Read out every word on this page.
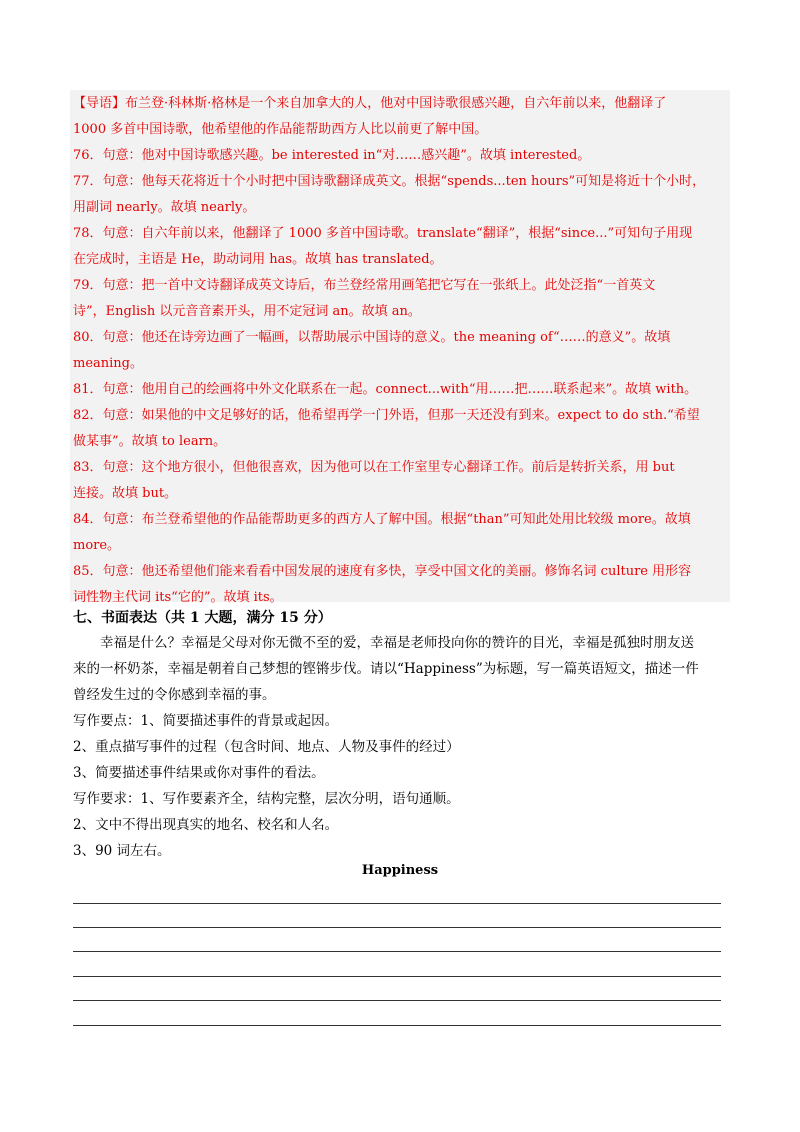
【导语】布兰登·科林斯·格林是一个来自加拿大的人，他对中国诗歌很感兴趣，自六年前以来，他翻译了
1000 多首中国诗歌，他希望他的作品能帮助西方人比以前更了解中国。
76．句意：他对中国诗歌感兴趣。be interested in“对……感兴趣”。故填 interested。
77．句意：他每天花将近十个小时把中国诗歌翻译成英文。根据“spends...ten hours”可知是将近十个小时，
用副词 nearly。故填 nearly。
78．句意：自六年前以来，他翻译了 1000 多首中国诗歌。translate“翻译”，根据“since...”可知句子用现
在完成时，主语是 He，助动词用 has。故填 has translated。
79．句意：把一首中文诗翻译成英文诗后，布兰登经常用画笔把它写在一张纸上。此处泛指“一首英文
诗”，English 以元音音素开头，用不定冠词 an。故填 an。
80．句意：他还在诗旁边画了一幅画，以帮助展示中国诗的意义。the meaning of“……的意义”。故填
meaning。
81．句意：他用自己的绘画将中外文化联系在一起。connect...with“用……把……联系起来”。故填 with。
82．句意：如果他的中文足够好的话，他希望再学一门外语，但那一天还没有到来。expect to do sth.“希望
做某事”。故填 to learn。
83．句意：这个地方很小，但他很喜欢，因为他可以在工作室里专心翻译工作。前后是转折关系，用 but
连接。故填 but。
84．句意：布兰登希望他的作品能帮助更多的西方人了解中国。根据“than”可知此处用比较级 more。故填
more。
85．句意：他还希望他们能来看看中国发展的速度有多快，享受中国文化的美丽。修饰名词 culture 用形容
词性物主代词 its“它的”。故填 its。
七、书面表达（共 1 大题，满分 15 分）
幸福是什么？幸福是父母对你无微不至的爱，幸福是老师投向你的赞许的目光，幸福是孤独时朋友送
来的一杯奶茶，幸福是朝着自己梦想的铿锵步伐。请以“Happiness”为标题，写一篇英语短文，描述一件
曾经发生过的令你感到幸福的事。
写作要点：1、简要描述事件的背景或起因。
2、重点描写事件的过程（包含时间、地点、人物及事件的经过）
3、简要描述事件结果或你对事件的看法。
写作要求：1、写作要素齐全，结构完整，层次分明，语句通顺。
2、文中不得出现真实的地名、校名和人名。
3、90 词左右。
Happiness
